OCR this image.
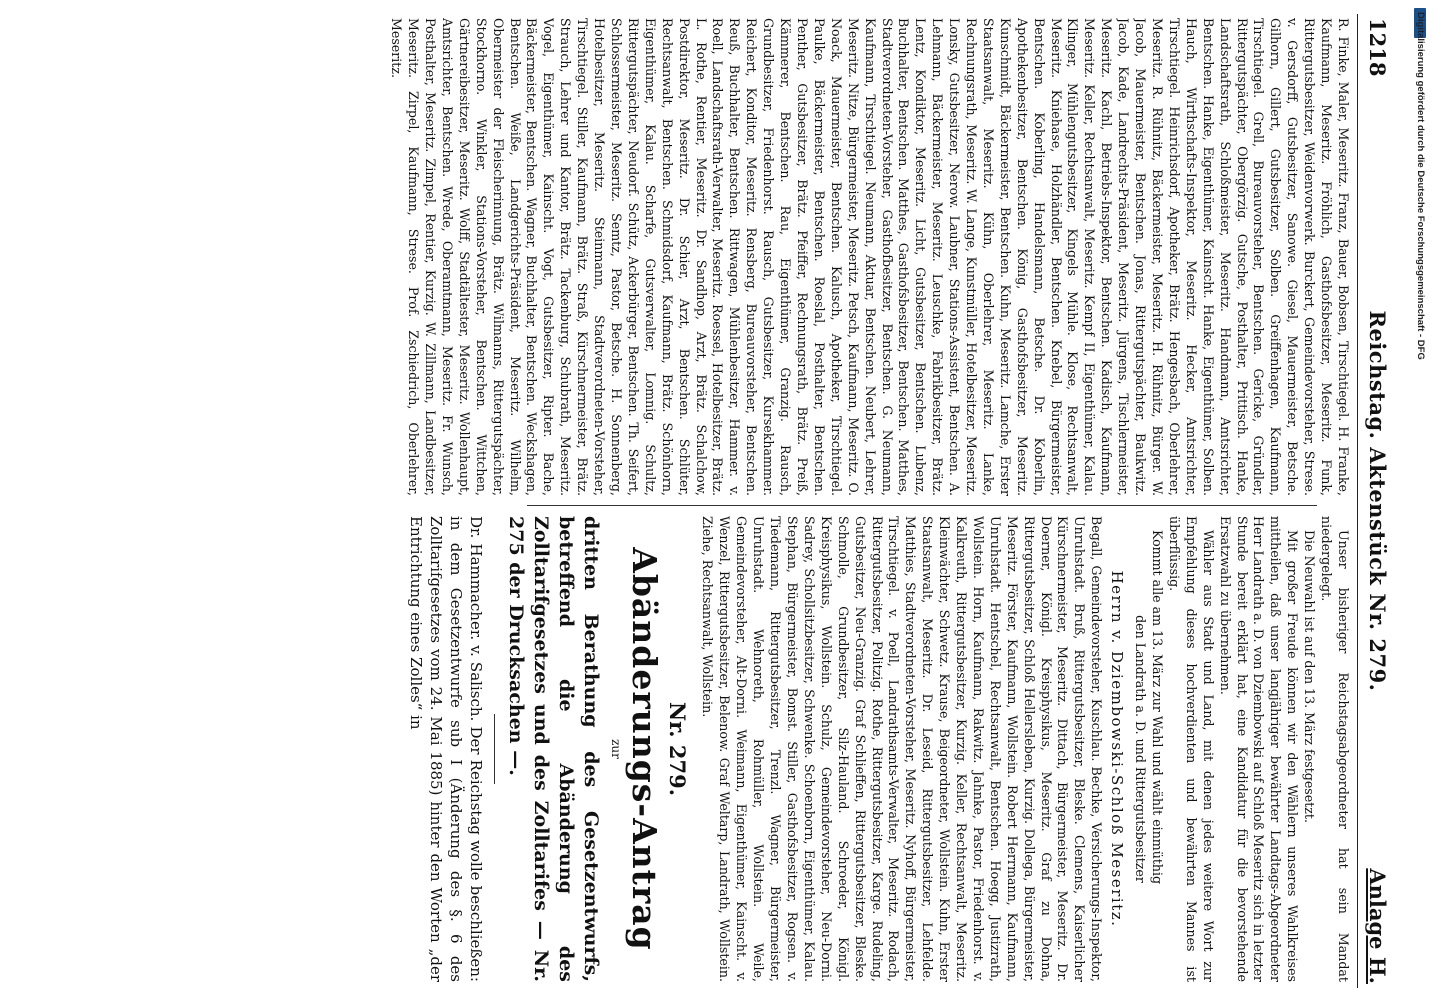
1218
Reichstag. Aktenstück Nr. 279.
Anlage H.

R. Finke, Maler, Meseritz. Franz, Bauer, Bobsen, Tirschtiegel. H. Franke, Kaufmann, Meseritz. Fröhlich, Gasthofsbesitzer, Meseritz. Funk, Rittergutsbesitzer, Weidenvorwerk. Burckert, Gemeindevorsteher, Strese. v. Gersdorff, Gutsbesitzer, Sanowe. Giesel, Mauermeister, Betsche. Gilhorn, Gillert, Gutsbesitzer, Solben. Greiffenhagen, Kaufmann, Tirschtiegel. Grell, Bureauvorsteher, Bentschen. Gericke, Gründler, Rittergutspächter, Obergörzig. Gutsche, Posthalter, Prittisch. Hanke, Landschaftsrath, Schloßmeister, Meseritz. Handmann, Amtsrichter, Bentschen. Hanke, Eigenthümer, Kainscht. Hanke, Eigenthümer, Solben. Hauch, Wirthschafts-Inspektor, Meseritz. Hecker, Amtsrichter, Tirschtiegel. Heinrichsdorf, Apotheker, Brätz. Hengesbach, Oberlehrer, Meseritz. R. Rühnitz, Bäckermeister, Meseritz. H. Rühnitz, Bürger. W. Jacob, Mauermeister, Bentschen. Jonas, Rittergutspächter, Baukwitz. Jacob, Kade, Landrechts-Präsident, Meseritz. Jürgens, Tischlermeister, Meseritz. Kachl, Betriebs-Inspektor, Bentschen. Kadisch, Kaufmann, Meseritz. Keller, Rechtsanwalt, Meseritz. Kempf II, Eigenthümer, Kalau. Klinger, Mühlengutsbesitzer, Kingels Mühle. Klose, Rechtsanwalt, Meseritz. Kniehase, Holzhändler, Bentschen. Knebel, Bürgermeister, Bentschen. Koberling, Handelsmann, Betsche. Dr. Koberlin, Apothekenbesitzer, Bentschen. König, Gasthofsbesitzer, Meseritz. Kunschmidt, Bäckermeister, Bentschen. Kuhn, Meseritz. Lamche, Erster Staatsanwalt, Meseritz. Kühn, Oberlehrer, Meseritz. Lanke, Rechnungsrath, Meseritz. W. Lange, Kunstmüller, Hotelbesitzer, Meseritz. Lonsky, Gutsbesitzer, Nerow. Laubner, Stations-Assistent, Bentschen. A. Lehmann, Bäckermeister, Meseritz. Leuschke, Fabrikbesitzer, Brätz. Lentz, Kondiktor, Meseritz. Licht, Gutsbesitzer, Bentschen. Lubenz, Buchhalter, Bentschen. Matthes, Gasthofsbesitzer, Bentschen. Matthes, Stadtverordneten-Vorsteher, Gasthofbesitzer, Bentschen. G. Neumann, Kaufmann, Tirschtiegel. Neumann, Aktuar, Bentschen. Neubert, Lehrer, Meseritz. Nitze, Bürgermeister, Meseritz. Petsch, Kaufmann, Meseritz. O. Noack, Mauermeister, Bentschen. Kalusch, Apotheker, Tirschtiegel. Paulke, Bäckermeister, Bentschen. Roeslal, Posthalter, Bentschen. Penther, Gutsbesitzer, Brätz. Pfeiffer, Rechnungsrath, Brätz. Preiß, Kämmerer, Bentschen. Rau, Eigenthümer, Granzig. Rausch, Grundbesitzer, Friedenhorst. Rausch, Gutsbesitzer, Kursekhammer. Reichert, Konditor, Meseritz. Rensberg, Bureauvorsteher, Bentschen. Reuß, Buchhalter, Bentschen. Rittwagen, Mühlenbesitzer, Hammer. v. Roell, Landschaftsrath-Verwalter, Meseritz. Roessel, Hotelbesitzer, Brätz. L. Rothe, Rentier, Meseritz. Dr. Sandhop, Arzt, Brätz. Schalchow, Postdirektor, Meseritz. Dr. Schier, Arzt, Bentschen. Schlüter, Rechtsanwalt, Bentschen. Schmidsdorf, Kaufmann, Brätz. Schönhorn, Eigenthümer, Kalau. Scharfe, Gutsverwalter, Lomnig. Schultz, Rittergutspächter, Neudorf. Schütz, Ackerbürger, Bentschen. Th. Seifert, Schlossermeister, Meseritz. Semtz, Pastor, Betsche. H. Sonnenberg, Hotelbesitzer, Meseritz. Steinmann, Stadtverordneten-Vorsteher, Tirschtiegel. Stiller, Kaufmann, Brätz. Straß, Kürschnermeister, Brätz. Strauch, Lehrer und Kantor, Brätz. Tackenburg, Schubrath, Meseritz. Vogel, Eigenthümer, Kainscht. Vogt, Gutsbesitzer, Ripter. Bache, Bäckermeister, Bentschen. Wagner, Buchhalter, Bentschen. Weckshagen, Bentschen. Weiße, Landgerichts-Präsident, Meseritz. Wilhelm, Obermeister der Fleischerinnung, Brätz. Wilmanns, Rittergutspächter, Stockhorno. Winkler, Stations-Vorsteher, Bentschen. Wittchen, Gärtnereibesitzer, Meseritz. Wolff, Stadtältester, Meseritz. Wollenhaupt, Amtsrichter, Bentschen. Wrede, Oberamtmann, Meseritz. Fr. Wunsch, Posthalter, Meseritz. Zimpel, Rentier, Kurzig. W. Zillmann, Landbesitzer, Meseritz. Zirpel, Kaufmann, Strese. Prof. Zschiedrich, Oberlehrer, Meseritz.

Unser bisheriger Reichstagsabgeordneter hat sein Mandat niedergelegt.

Die Neuwahl ist auf den 13. März festgesetzt.

Mit großer Freude können wir den Wählern unseres Wahlkreises mittheilen, daß unser langjähriger bewährter Landtags-Abgeordneter Herr Landrath a. D. von Dziembowski auf Schloß Meseritz sich in letzter Stunde bereit erklärt hat, eine Kandidatur für die bevorstehende Ersatzwahl zu übernehmen.

Wähler aus Stadt und Land, mit denen jedes weitere Wort zur Empfehlung dieses hochverdienten und bewährten Mannes ist überflüssig.

Kommt alle am 13. März zur Wahl und wählt einmüthig

den Landrath a. D. und Rittergutsbesitzer
Herrn v. Dziembowski-Schloß Meseritz.

Begall, Gemeindevorsteher, Kuschlau. Bechke, Versicherungs-Inspektor, Unruhstadt. Bruß, Rittergutsbesitzer, Bleske. Clemens, Kaiserlicher Kürschnermeister, Meseritz. Dittach, Bürgermeister, Meseritz. Dr. Doerner, Königl. Kreisphysikus, Meseritz. Graf zu Dohna, Rittergutsbesitzer, Schloß Hellersleben, Kurzig. Dollega, Bürgermeister, Meseritz. Förster, Kaufmann, Wollstein. Robert Herrmann, Kaufmann, Unruhstadt. Hentschel, Rechtsanwalt, Bentschen. Hoegg, Justizrath, Wollstein. Horn, Kaufmann, Rakwitz. Jahnke, Pastor, Friedenhorst. v. Kalkreuth, Rittergutsbesitzer, Kurzig. Keller, Rechtsanwalt, Meseritz. Kleinwächter, Schwetz. Krause, Beigeordneter, Wollstein. Kuhn, Erster Staatsanwalt, Meseritz. Dr. Leseid, Rittergutsbesitzer, Lehfelde. Matthies, Stadtverordneten-Vorsteher, Meseritz. Nyhoff, Bürgermeister, Tirschtiegel. v. Poell, Landrathsamts-Verwalter, Meseritz. Rodach, Rittergutsbesitzer, Politzig. Rothe, Rittergutsbesitzer, Karge. Rudeling, Gutsbesitzer, Neu-Granzig. Graf Schlieffen, Rittergutsbesitzer, Bleske. Schmolle, Grundbesitzer, Silz-Hauland. Schroeder, Königl. Kreisphysikus, Wollstein. Schulz, Gemeindevorsteher, Neu-Dorni. Sadrey, Schollsitzbesitzer, Schwenke. Schoenborn, Eigenthümer, Kalau. Stephan, Bürgermeister, Bomst. Stiller, Gasthofsbesitzer, Rogsen. v. Tiedemann, Rittergutsbesitzer, Trenzl. Wagner, Bürgermeister, Unruhstadt. Wehnoreth, Rohmüller, Wollstein. Weile, Gemeindevorsteher, Alt-Dorni. Weimann, Eigenthümer, Kainscht. v. Wenzel, Rittergutsbesitzer, Belenow. Graf Weltarp, Landrath, Wollstein. Ziehe, Rechtsanwalt, Wollstein.

Nr. 279.
Abänderungs-Antrag
zur
dritten Berathung des Gesetzentwurfs, betreffend die Abänderung des Zolltarifgesetzes und des Zolltarifes — Nr. 275 der Drucksachen —.

Dr. Hammacher. v. Salisch. Der Reichstag wolle beschließen: in dem Gesetzentwurfe sub I (Änderung des §. 6 des Zolltarifgesetzes vom 24. Mai 1885) hinter den Worten „der Entrichtung eines Zolles“ in

Digitalisierung gefördert durch die Deutsche Forschungsgemeinschaft - DFG
